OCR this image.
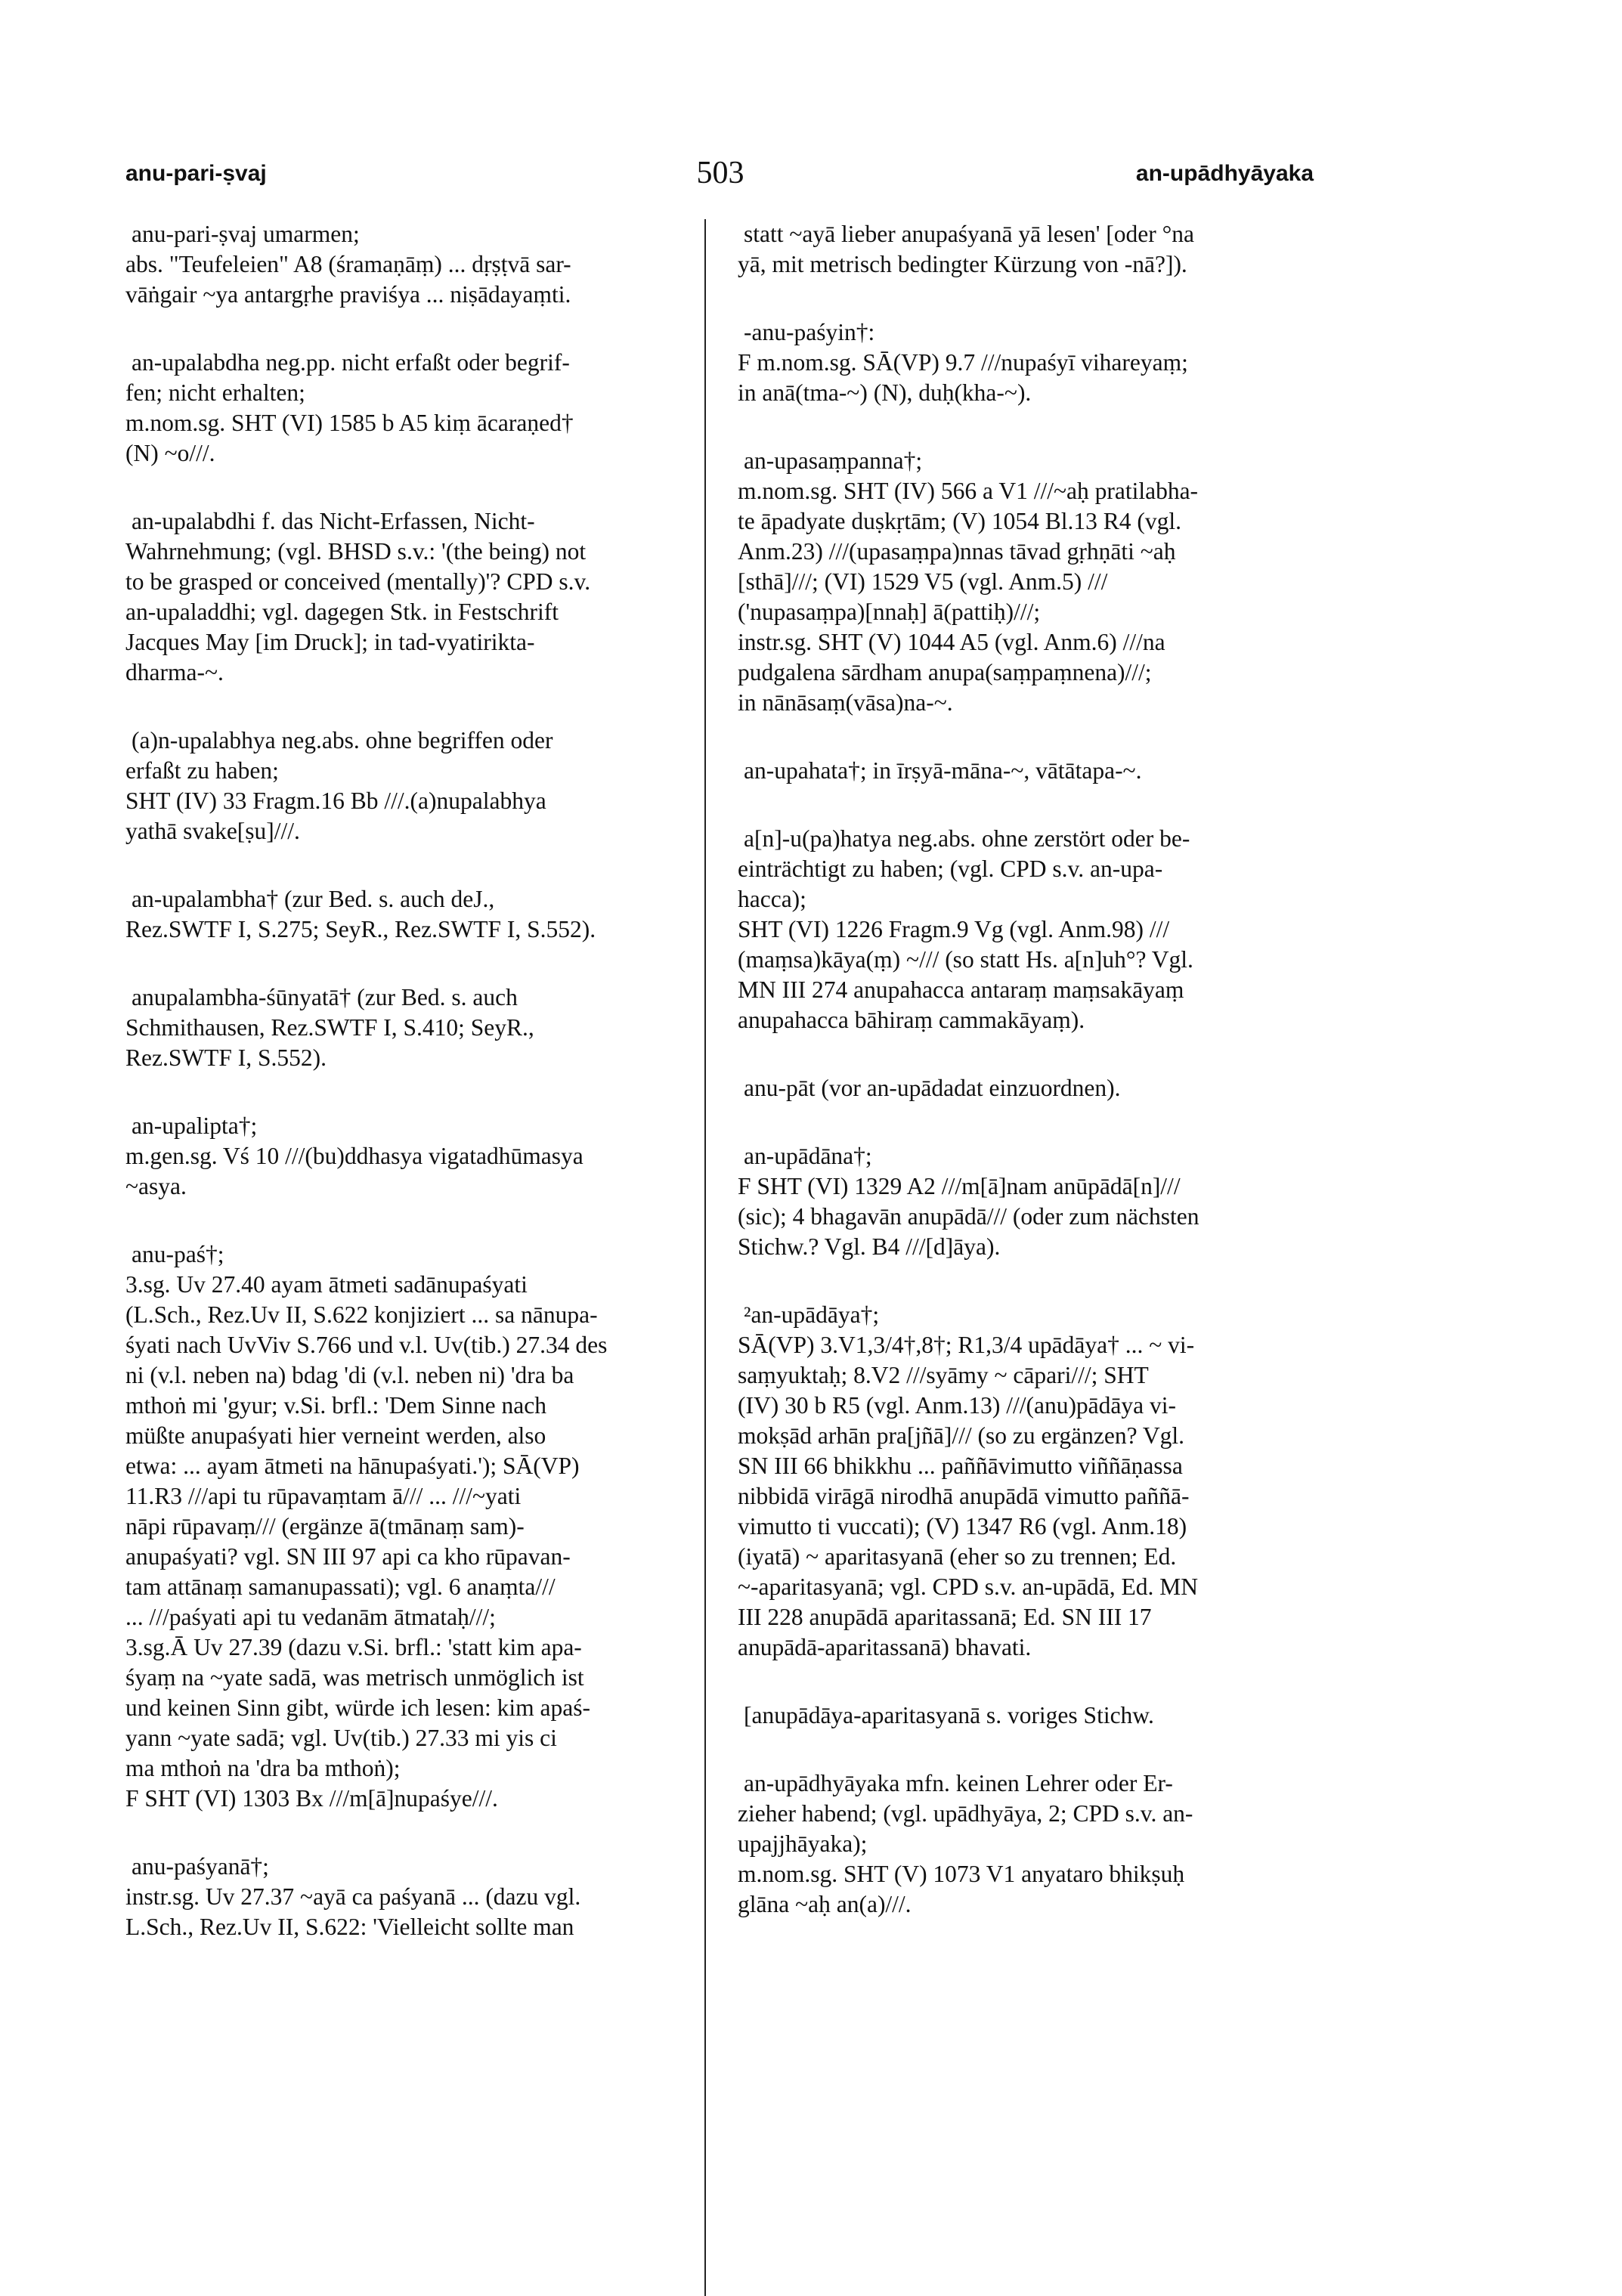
anu-pari-ṣvaj	503	an-upādhyāyaka
anu-pari-ṣvaj umarmen;
abs. "Teufeleien" A8 (śramaṇāṃ) ... dṛṣṭvā sar-
vāṅgair ~ya antargṛhe praviśya ... niṣādayaṃti.
an-upalabdha neg.pp. nicht erfaßt oder begrif-
fen; nicht erhalten;
m.nom.sg. SHT (VI) 1585 b A5 kiṃ ācaraṇed†
(N) ~o///.
an-upalabdhi f. das Nicht-Erfassen, Nicht-
Wahrnehmung; (vgl. BHSD s.v.: '(the being) not
to be grasped or conceived (mentally)'? CPD s.v.
an-upaladdhi; vgl. dagegen Stk. in Festschrift
Jacques May [im Druck]; in tad-vyatirikta-
dharma-~.
(a)n-upalabhya neg.abs. ohne begriffen oder
erfaßt zu haben;
SHT (IV) 33 Fragm.16 Bb ///.(a)nupalabhya
yathā svake[ṣu]///.
an-upalambha† (zur Bed. s. auch deJ.,
Rez.SWTF I, S.275; SeyR., Rez.SWTF I, S.552).
anupalambha-śūnyatā† (zur Bed. s. auch
Schmithausen, Rez.SWTF I, S.410; SeyR.,
Rez.SWTF I, S.552).
an-upalipta†;
m.gen.sg. Vś 10 ///(bu)ddhasya vigatadhūmasya
~asya.
anu-paś†;
3.sg. Uv 27.40 ayam ātmeti sadānupaśyati
(L.Sch., Rez.Uv II, S.622 konjiziert ... sa nānupa-
śyati nach UvViv S.766 und v.l. Uv(tib.) 27.34 des
ni (v.l. neben na) bdag 'di (v.l. neben ni) 'dra ba
mthoṅ mi 'gyur; v.Si. brfl.: 'Dem Sinne nach
müßte anupaśyati hier verneint werden, also
etwa: ... ayam ātmeti na hānupaśyati.'); SĀ(VP)
11.R3 ///api tu rūpavaṃtam ā/// ... ///~yati
nāpi rūpavaṃ/// (ergänze ā(tmānaṃ sam)-
anupaśyati? vgl. SN III 97 api ca kho rūpavan-
tam attānaṃ samanupassati); vgl. 6 anaṃta///
... ///paśyati api tu vedanām ātmataḥ///;
3.sg.Ā Uv 27.39 (dazu v.Si. brfl.: 'statt kim apa-
śyaṃ na ~yate sadā, was metrisch unmöglich ist
und keinen Sinn gibt, würde ich lesen: kim apaś-
yann ~yate sadā; vgl. Uv(tib.) 27.33 mi yis ci
ma mthoṅ na 'dra ba mthoṅ);
F SHT (VI) 1303 Bx ///m[ā]nupaśye///.
anu-paśyanā†;
instr.sg. Uv 27.37 ~ayā ca paśyanā ... (dazu vgl.
L.Sch., Rez.Uv II, S.622: 'Vielleicht sollte man
statt ~ayā lieber anupaśyanā yā lesen' [oder °na
yā, mit metrisch bedingter Kürzung von -nā?]).
-anu-paśyin†:
F m.nom.sg. SĀ(VP) 9.7 ///nupaśyī vihareyaṃ;
in anā(tma-~) (N), duḥ(kha-~).
an-upasaṃpanna†;
m.nom.sg. SHT (IV) 566 a V1 ///~aḥ pratilabha-
te āpadyate duṣkṛtām; (V) 1054 Bl.13 R4 (vgl.
Anm.23) ///(upasaṃpa)nnas tāvad gṛhṇāti ~aḥ
[sthā]///; (VI) 1529 V5 (vgl. Anm.5) ///
('nupasaṃpa)[nnaḥ] ā(pattiḥ)///;
instr.sg. SHT (V) 1044 A5 (vgl. Anm.6) ///na
pudgalena sārdham anupa(saṃpaṃnena)///;
in nānāsaṃ(vāsa)na-~.
an-upahata†; in īrṣyā-māna-~, vātātapa-~.
a[n]-u(pa)hatya neg.abs. ohne zerstört oder be-
einträchtigt zu haben; (vgl. CPD s.v. an-upa-
hacca);
SHT (VI) 1226 Fragm.9 Vg (vgl. Anm.98) ///
(maṃsa)kāya(ṃ) ~/// (so statt Hs. a[n]uh°? Vgl.
MN III 274 anupahacca antaraṃ maṃsakāyaṃ
anupahacca bāhiraṃ cammakāyaṃ).
anu-pāt (vor an-upādadat einzuordnen).
an-upādāna†;
F SHT (VI) 1329 A2 ///m[ā]nam anūpādā[n]///
(sic); 4 bhagavān anupādā/// (oder zum nächsten
Stichw.? Vgl. B4 ///[d]āya).
²an-upādāya†;
SĀ(VP) 3.V1,3/4†,8†; R1,3/4 upādāya† ... ~ vi-
saṃyuktaḥ; 8.V2 ///syāmy ~ cāpari///; SHT
(IV) 30 b R5 (vgl. Anm.13) ///(anu)pādāya vi-
mokṣād arhān pra[jñā]/// (so zu ergänzen? Vgl.
SN III 66 bhikkhu ... paññāvimutto viññāṇassa
nibbidā virāgā nirodhā anupādā vimutto paññā-
vimutto ti vuccati); (V) 1347 R6 (vgl. Anm.18)
(iyatā) ~ aparitasyanā (eher so zu trennen; Ed.
~-aparitasyanā; vgl. CPD s.v. an-upādā, Ed. MN
III 228 anupādā aparitassanā; Ed. SN III 17
anupādā-aparitassanā) bhavati.
[anupādāya-aparitasyanā s. voriges Stichw.
an-upādhyāyaka mfn. keinen Lehrer oder Er-
zieher habend; (vgl. upādhyāya, 2; CPD s.v. an-
upajjhāyaka);
m.nom.sg. SHT (V) 1073 V1 anyataro bhikṣuḥ
glāna ~aḥ an(a)///.
